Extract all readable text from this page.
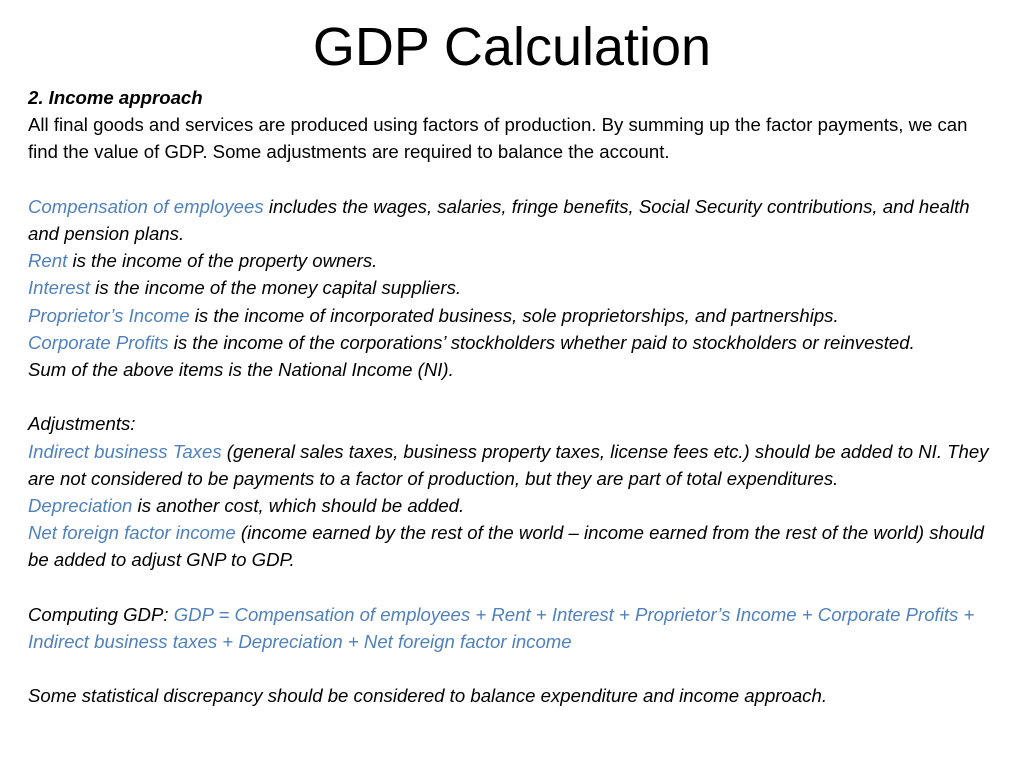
GDP Calculation

2. Income approach

All final goods and services are produced using factors of production. By summing up the factor payments, we can find the value of GDP. Some adjustments are required to balance the account.

Compensation of employees includes the wages, salaries, fringe benefits, Social Security contributions, and health and pension plans.

Rent is the income of the property owners.

Interest is the income of the money capital suppliers.

Proprietor’s Income is the income of incorporated business, sole proprietorships, and partnerships.

Corporate Profits is the income of the corporations’ stockholders whether paid to stockholders or reinvested.

Sum of the above items is the National Income (NI).

Adjustments:

Indirect business Taxes (general sales taxes, business property taxes, license fees etc.) should be added to NI. They are not considered to be payments to a factor of production, but they are part of total expenditures.

Depreciation is another cost, which should be added.

Net foreign factor income (income earned by the rest of the world – income earned from the rest of the world) should be added to adjust GNP to GDP.

Computing GDP: GDP = Compensation of employees + Rent + Interest + Proprietor’s Income + Corporate Profits + Indirect business taxes + Depreciation + Net foreign factor income

Some statistical discrepancy should be considered to balance expenditure and income approach.
